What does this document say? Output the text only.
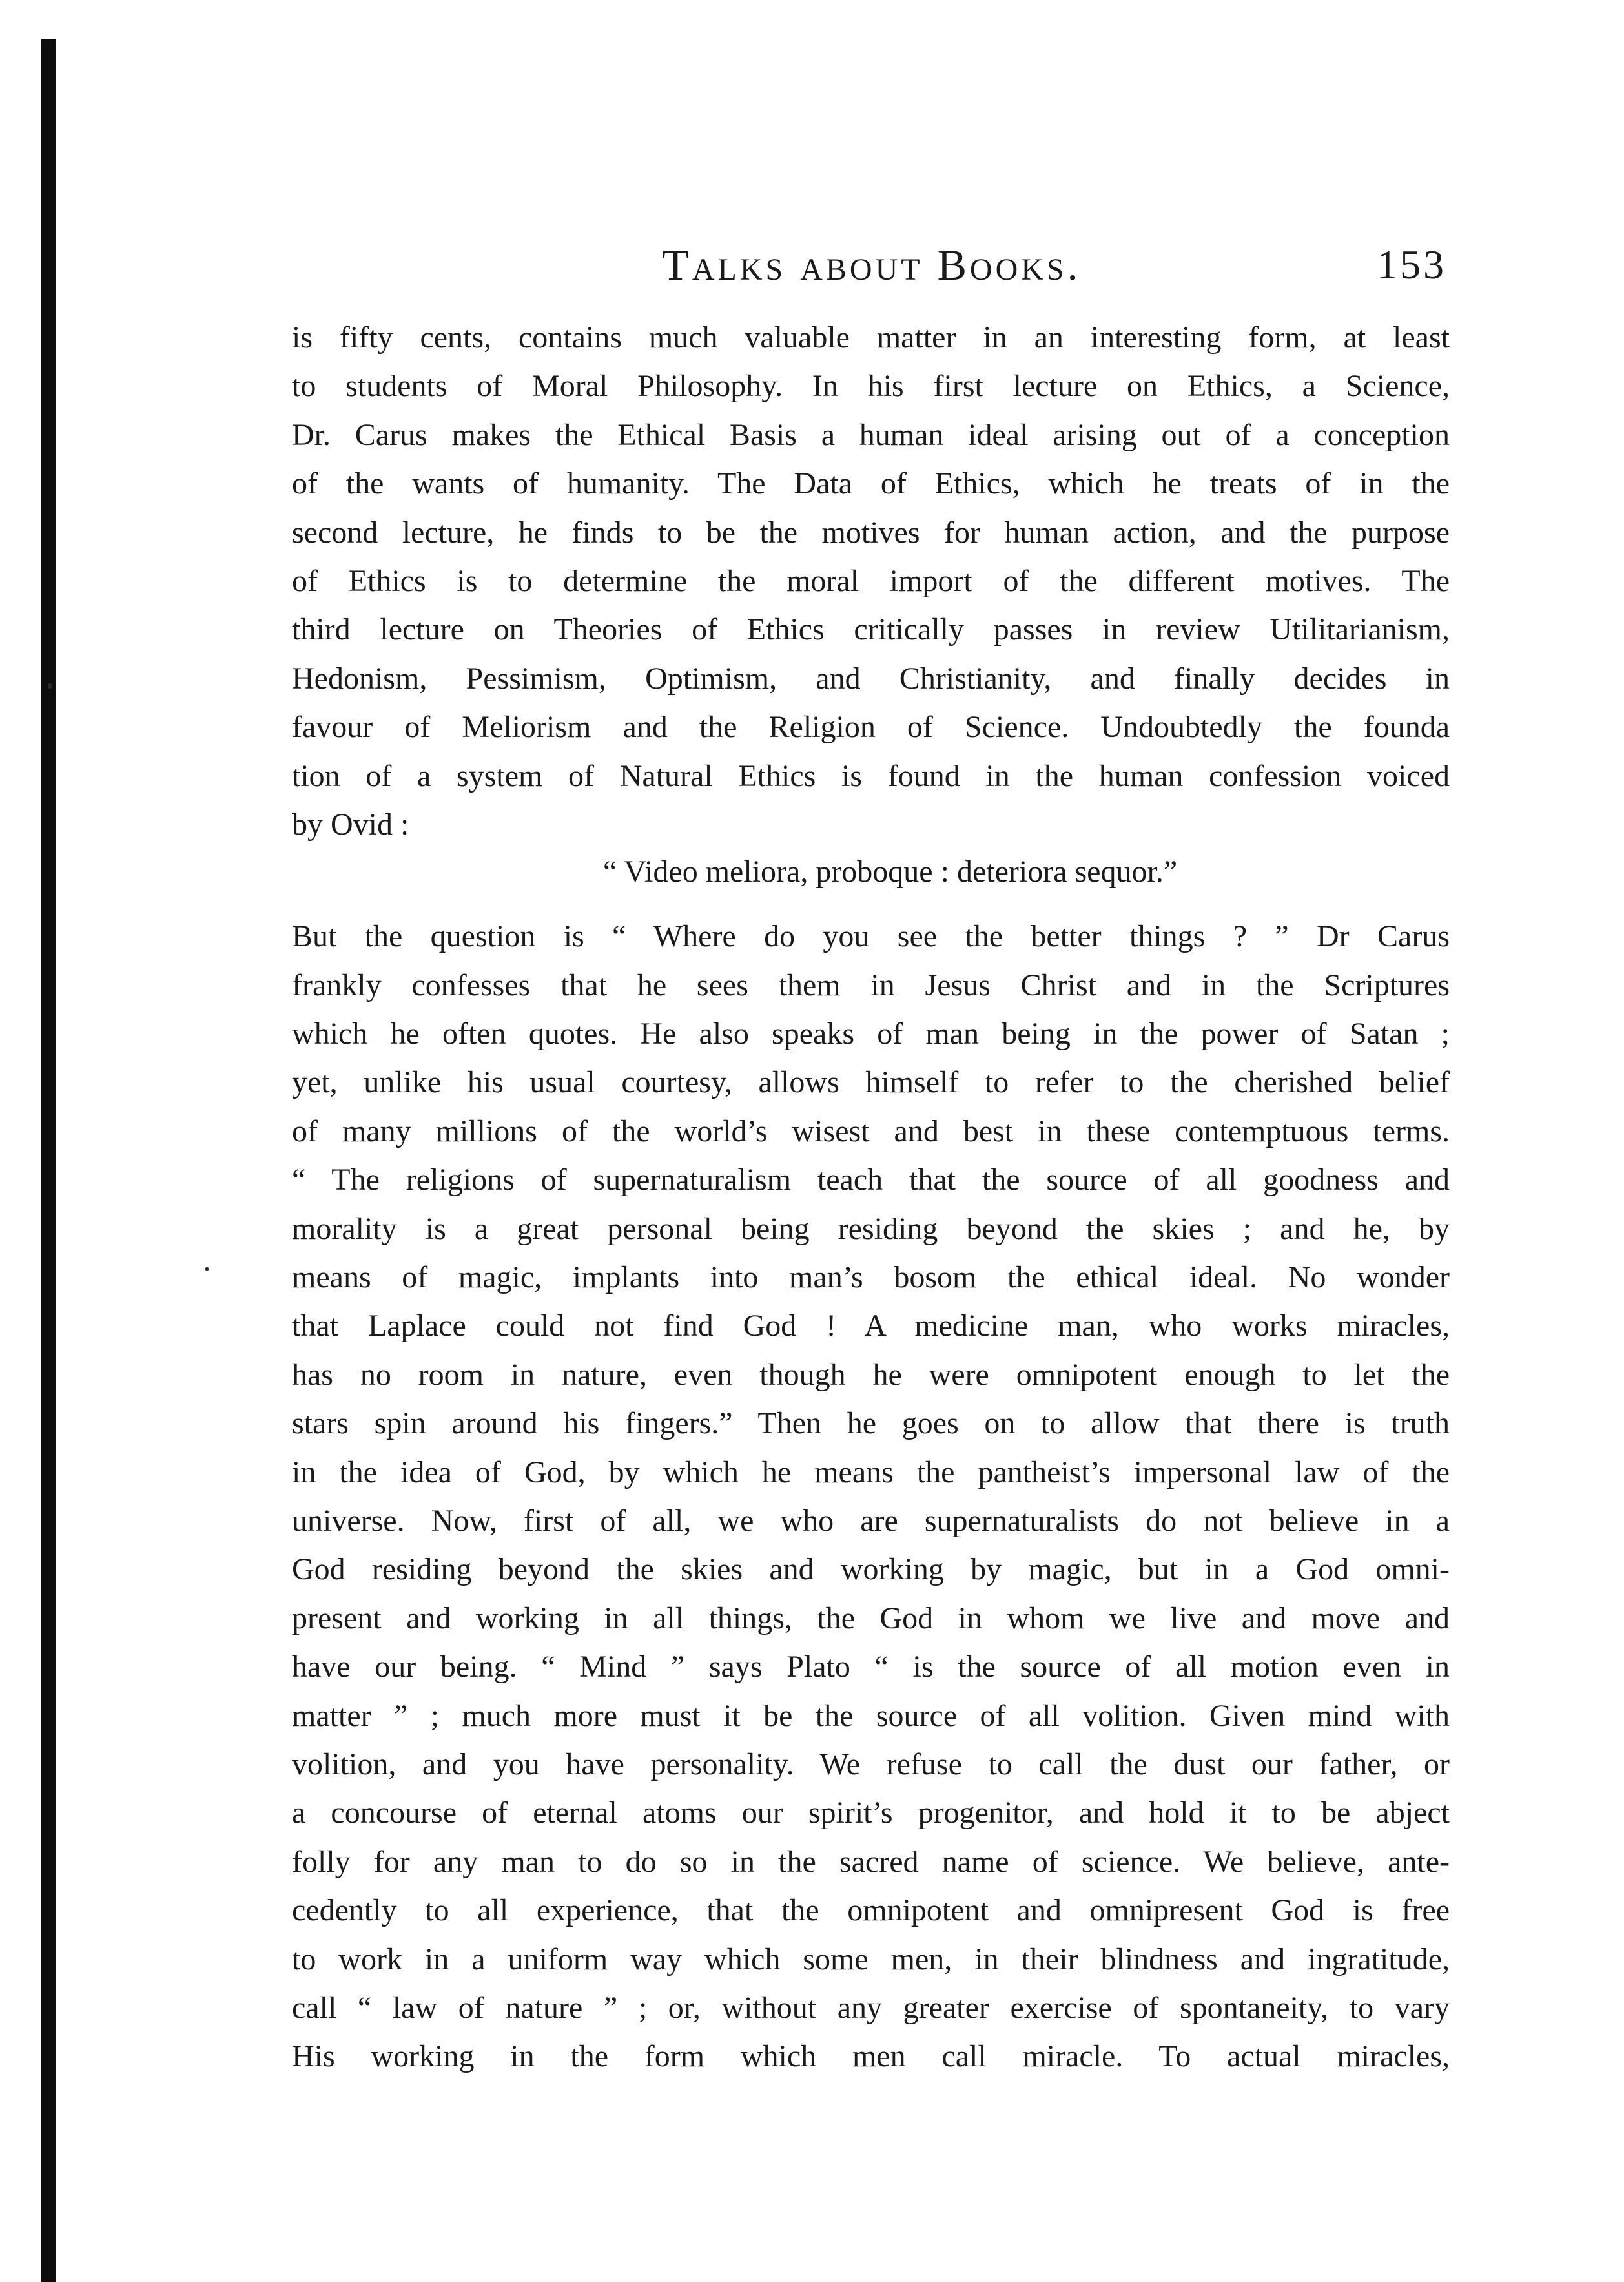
Talks about Books.	153
is fifty cents, contains much valuable matter in an interesting form, at least
to students of Moral Philosophy. In his first lecture on Ethics, a Science,
Dr. Carus makes the Ethical Basis a human ideal arising out of a conception
of the wants of humanity. The Data of Ethics, which he treats of in the
second lecture, he finds to be the motives for human action, and the purpose
of Ethics is to determine the moral import of the different motives. The
third lecture on Theories of Ethics critically passes in review Utilitarianism,
Hedonism, Pessimism, Optimism, and Christianity, and finally decides in
favour of Meliorism and the Religion of Science. Undoubtedly the founda
tion of a system of Natural Ethics is found in the human confession voiced
by Ovid :
“ Video meliora, proboque : deteriora sequor.”
But the question is “ Where do you see the better things ? ” Dr Carus
frankly confesses that he sees them in Jesus Christ and in the Scriptures
which he often quotes. He also speaks of man being in the power of Satan ;
yet, unlike his usual courtesy, allows himself to refer to the cherished belief
of many millions of the world’s wisest and best in these contemptuous terms.
“ The religions of supernaturalism teach that the source of all goodness and
morality is a great personal being residing beyond the skies ; and he, by
means of magic, implants into man’s bosom the ethical ideal. No wonder
that Laplace could not find God ! A medicine man, who works miracles,
has no room in nature, even though he were omnipotent enough to let the
stars spin around his fingers.” Then he goes on to allow that there is truth
in the idea of God, by which he means the pantheist’s impersonal law of the
universe. Now, first of all, we who are supernaturalists do not believe in a
God residing beyond the skies and working by magic, but in a God omni-
present and working in all things, the God in whom we live and move and
have our being. “ Mind ” says Plato “ is the source of all motion even in
matter ” ; much more must it be the source of all volition. Given mind with
volition, and you have personality. We refuse to call the dust our father, or
a concourse of eternal atoms our spirit’s progenitor, and hold it to be abject
folly for any man to do so in the sacred name of science. We believe, ante-
cedently to all experience, that the omnipotent and omnipresent God is free
to work in a uniform way which some men, in their blindness and ingratitude,
call “ law of nature ” ; or, without any greater exercise of spontaneity, to vary
His working in the form which men call miracle. To actual miracles,
